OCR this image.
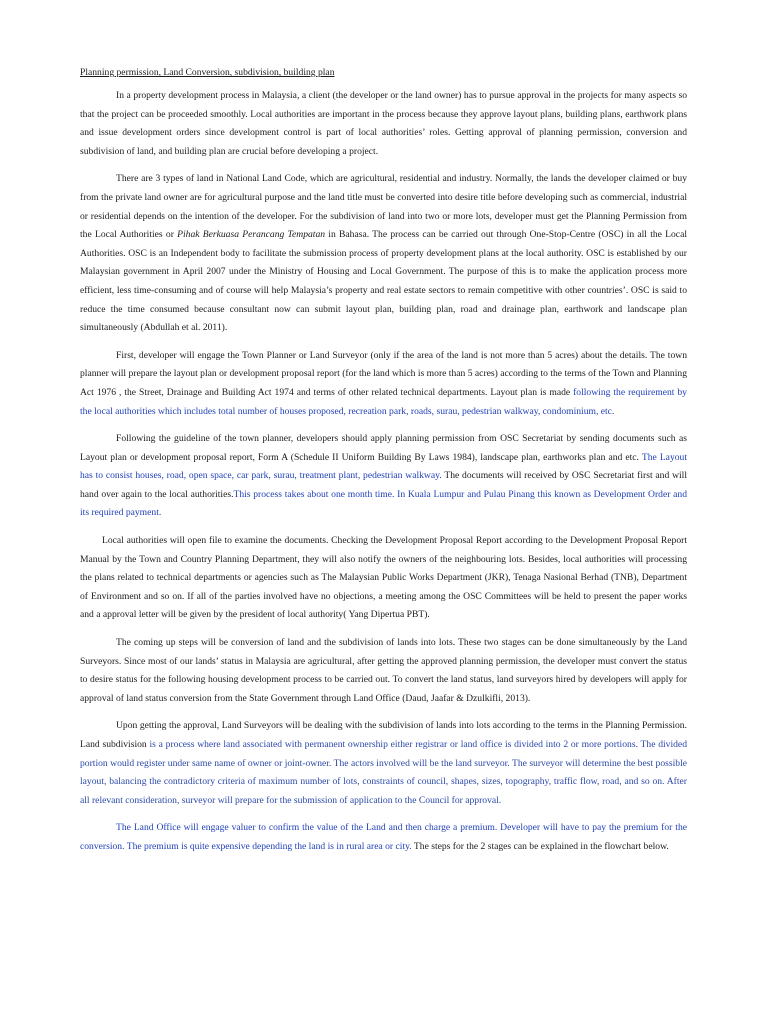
Planning permission, Land Conversion, subdivision, building plan

In a property development process in Malaysia, a client (the developer or the land owner) has to pursue approval in the projects for many aspects so that the project can be proceeded smoothly. Local authorities are important in the process because they approve layout plans, building plans, earthwork plans and issue development orders since development control is part of local authorities’ roles. Getting approval of planning permission, conversion and subdivision of land, and building plan are crucial before developing a project.

There are 3 types of land in National Land Code, which are agricultural, residential and industry. Normally, the lands the developer claimed or buy from the private land owner are for agricultural purpose and the land title must be converted into desire title before developing such as commercial, industrial or residential depends on the intention of the developer. For the subdivision of land into two or more lots, developer must get the Planning Permission from the Local Authorities or Pihak Berkuasa Perancang Tempatan in Bahasa. The process can be carried out through One-Stop-Centre (OSC) in all the Local Authorities. OSC is an Independent body to facilitate the submission process of property development plans at the local authority. OSC is established by our Malaysian government in April 2007 under the Ministry of Housing and Local Government. The purpose of this is to make the application process more efficient, less time-consuming and of course will help Malaysia’s property and real estate sectors to remain competitive with other countries’. OSC is said to reduce the time consumed because consultant now can submit layout plan, building plan, road and drainage plan, earthwork and landscape plan simultaneously (Abdullah et al. 2011).

First, developer will engage the Town Planner or Land Surveyor (only if the area of the land is not more than 5 acres) about the details. The town planner will prepare the layout plan or development proposal report (for the land which is more than 5 acres) according to the terms of the Town and Planning Act 1976 , the Street, Drainage and Building Act 1974 and terms of other related technical departments. Layout plan is made following the requirement by the local authorities which includes total number of houses proposed, recreation park, roads, surau, pedestrian walkway, condominium, etc.

Following the guideline of the town planner, developers should apply planning permission from OSC Secretariat by sending documents such as Layout plan or development proposal report, Form A (Schedule II Uniform Building By Laws 1984), landscape plan, earthworks plan and etc. The Layout has to consist houses, road, open space, car park, surau, treatment plant, pedestrian walkway. The documents will received by OSC Secretariat first and will hand over again to the local authorities.This process takes about one month time. In Kuala Lumpur and Pulau Pinang this known as Development Order and its required payment.

Local authorities will open file to examine the documents. Checking the Development Proposal Report according to the Development Proposal Report Manual by the Town and Country Planning Department, they will also notify the owners of the neighbouring lots. Besides, local authorities will processing the plans related to technical departments or agencies such as The Malaysian Public Works Department (JKR), Tenaga Nasional Berhad (TNB), Department of Environment and so on. If all of the parties involved have no objections, a meeting among the OSC Committees will be held to present the paper works and a approval letter will be given by the president of local authority( Yang Dipertua PBT).

The coming up steps will be conversion of land and the subdivision of lands into lots. These two stages can be done simultaneously by the Land Surveyors. Since most of our lands’ status in Malaysia are agricultural, after getting the approved planning permission, the developer must convert the status to desire status for the following housing development process to be carried out. To convert the land status, land surveyors hired by developers will apply for approval of land status conversion from the State Government through Land Office (Daud, Jaafar & Dzulkifli, 2013).

Upon getting the approval, Land Surveyors will be dealing with the subdivision of lands into lots according to the terms in the Planning Permission. Land subdivision is a process where land associated with permanent ownership either registrar or land office is divided into 2 or more portions. The divided portion would register under same name of owner or joint-owner. The actors involved will be the land surveyor. The surveyor will determine the best possible layout, balancing the contradictory criteria of maximum number of lots, constraints of council, shapes, sizes, topography, traffic flow, road, and so on. After all relevant consideration, surveyor will prepare for the submission of application to the Council for approval.

The Land Office will engage valuer to confirm the value of the Land and then charge a premium. Developer will have to pay the premium for the conversion. The premium is quite expensive depending the land is in rural area or city. The steps for the 2 stages can be explained in the flowchart below.
